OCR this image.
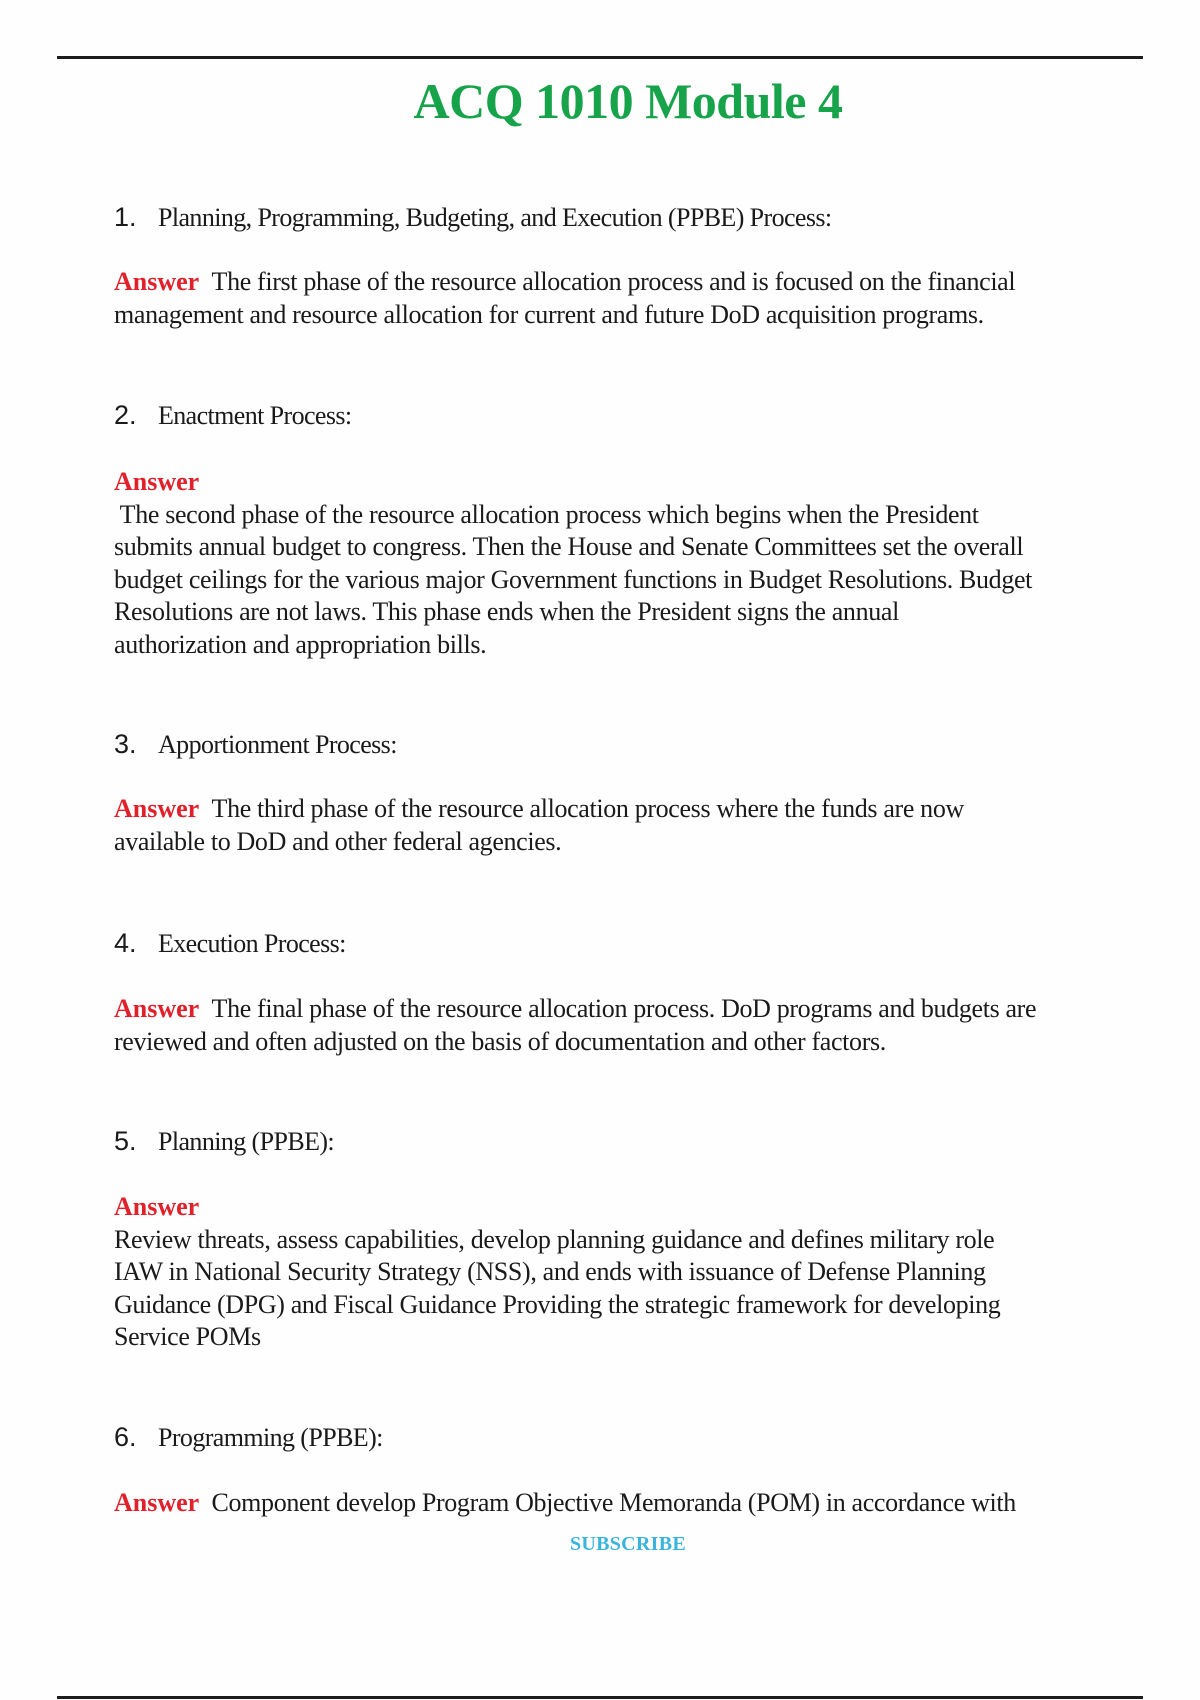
ACQ 1010 Module 4
1. Planning, Programming, Budgeting, and Execution (PPBE) Process:
Answer The first phase of the resource allocation process and is focused on the financial
management and resource allocation for current and future DoD acquisition programs.
2. Enactment Process:
Answer
The second phase of the resource allocation process which begins when the President
submits annual budget to congress. Then the House and Senate Committees set the overall
budget ceilings for the various major Government functions in Budget Resolutions. Budget
Resolutions are not laws. This phase ends when the President signs the annual
authorization and appropriation bills.
3. Apportionment Process:
Answer The third phase of the resource allocation process where the funds are now
available to DoD and other federal agencies.
4. Execution Process:
Answer The final phase of the resource allocation process. DoD programs and budgets are
reviewed and often adjusted on the basis of documentation and other factors.
5. Planning (PPBE):
Answer
Review threats, assess capabilities, develop planning guidance and defines military role
IAW in National Security Strategy (NSS), and ends with issuance of Defense Planning
Guidance (DPG) and Fiscal Guidance Providing the strategic framework for developing
Service POMs
6. Programming (PPBE):
Answer Component develop Program Objective Memoranda (POM) in accordance with
SUBSCRIBE
